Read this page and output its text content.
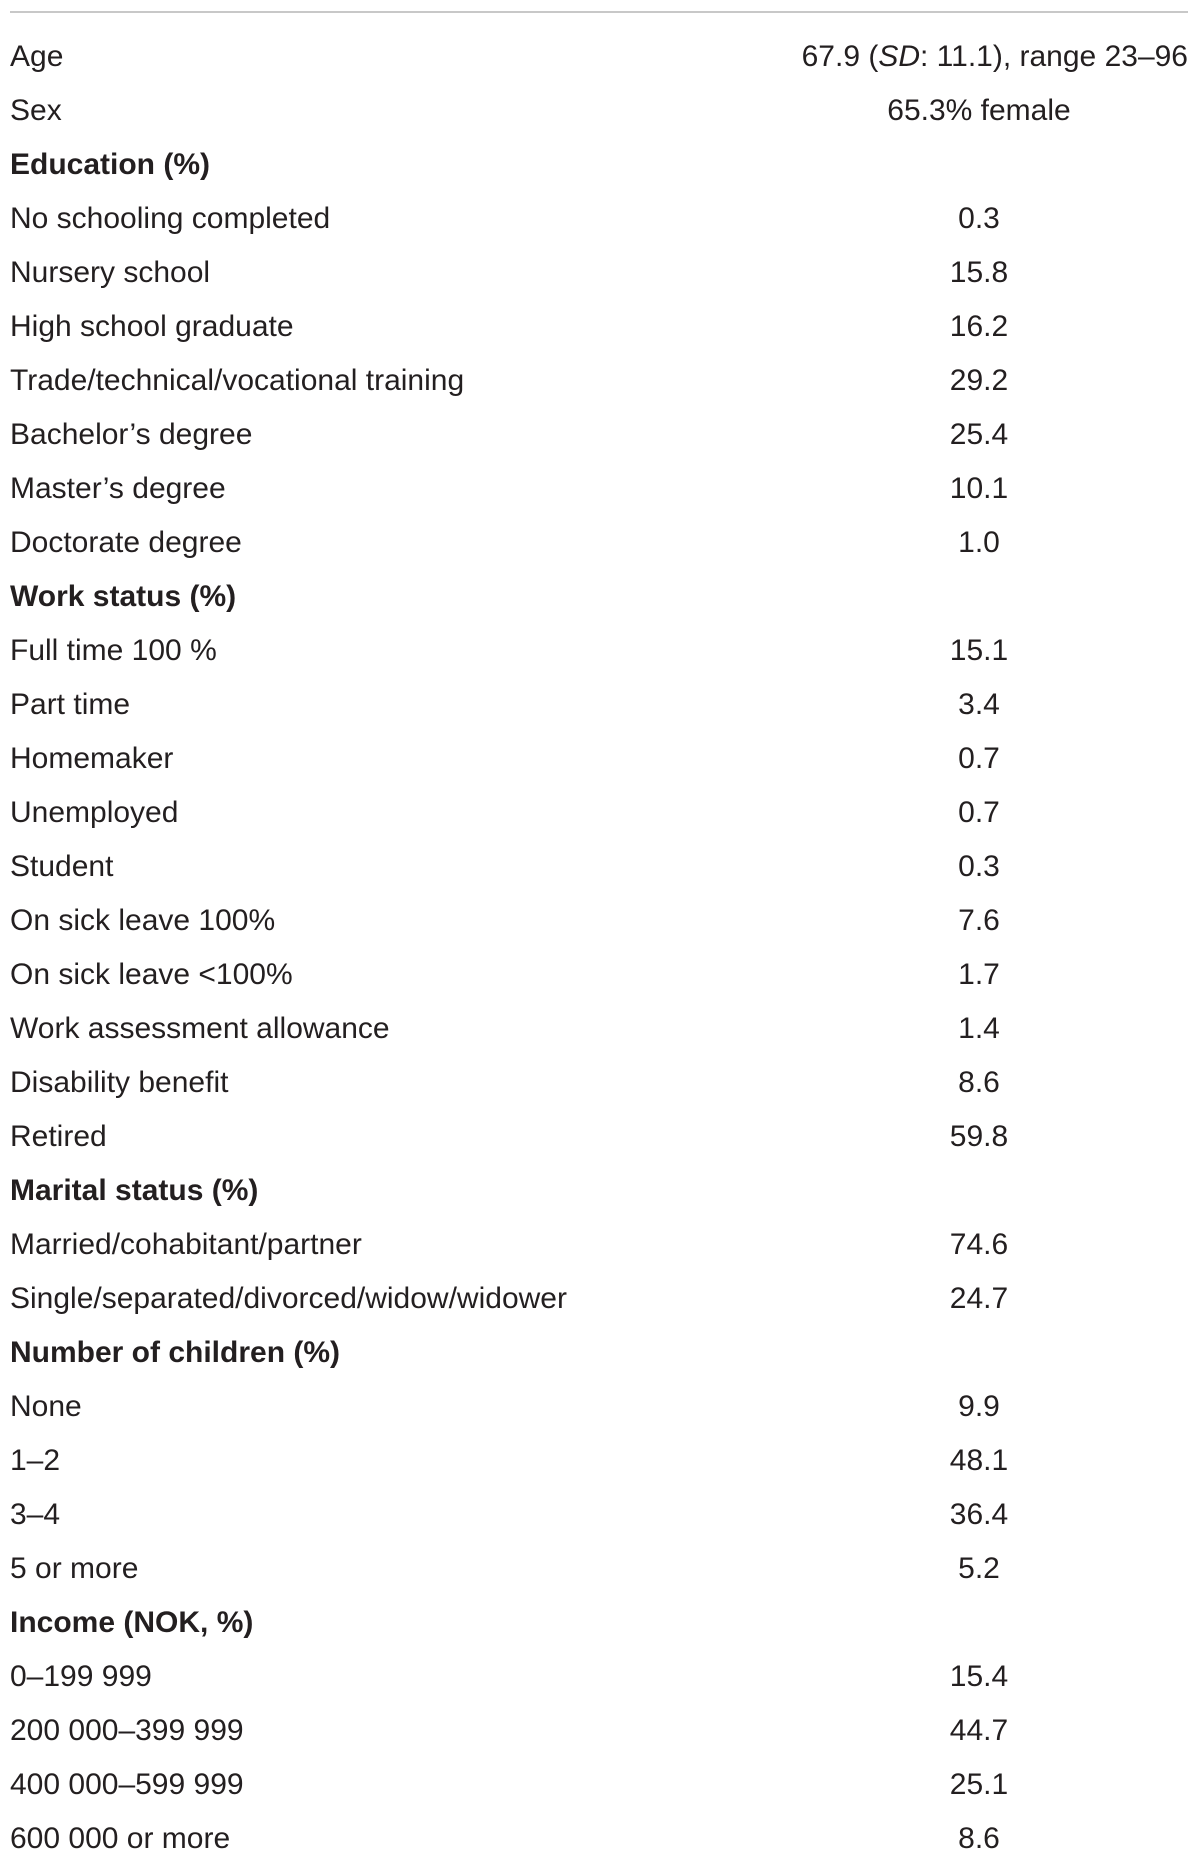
Age	67.9 (SD: 11.1), range 23–96
Sex	65.3% female
Education (%)
No schooling completed	0.3
Nursery school	15.8
High school graduate	16.2
Trade/technical/vocational training	29.2
Bachelor’s degree	25.4
Master’s degree	10.1
Doctorate degree	1.0
Work status (%)
Full time 100 %	15.1
Part time	3.4
Homemaker	0.7
Unemployed	0.7
Student	0.3
On sick leave 100%	7.6
On sick leave <100%	1.7
Work assessment allowance	1.4
Disability benefit	8.6
Retired	59.8
Marital status (%)
Married/cohabitant/partner	74.6
Single/separated/divorced/widow/widower	24.7
Number of children (%)
None	9.9
1–2	48.1
3–4	36.4
5 or more	5.2
Income (NOK, %)
0–199 999	15.4
200 000–399 999	44.7
400 000–599 999	25.1
600 000 or more	8.6
